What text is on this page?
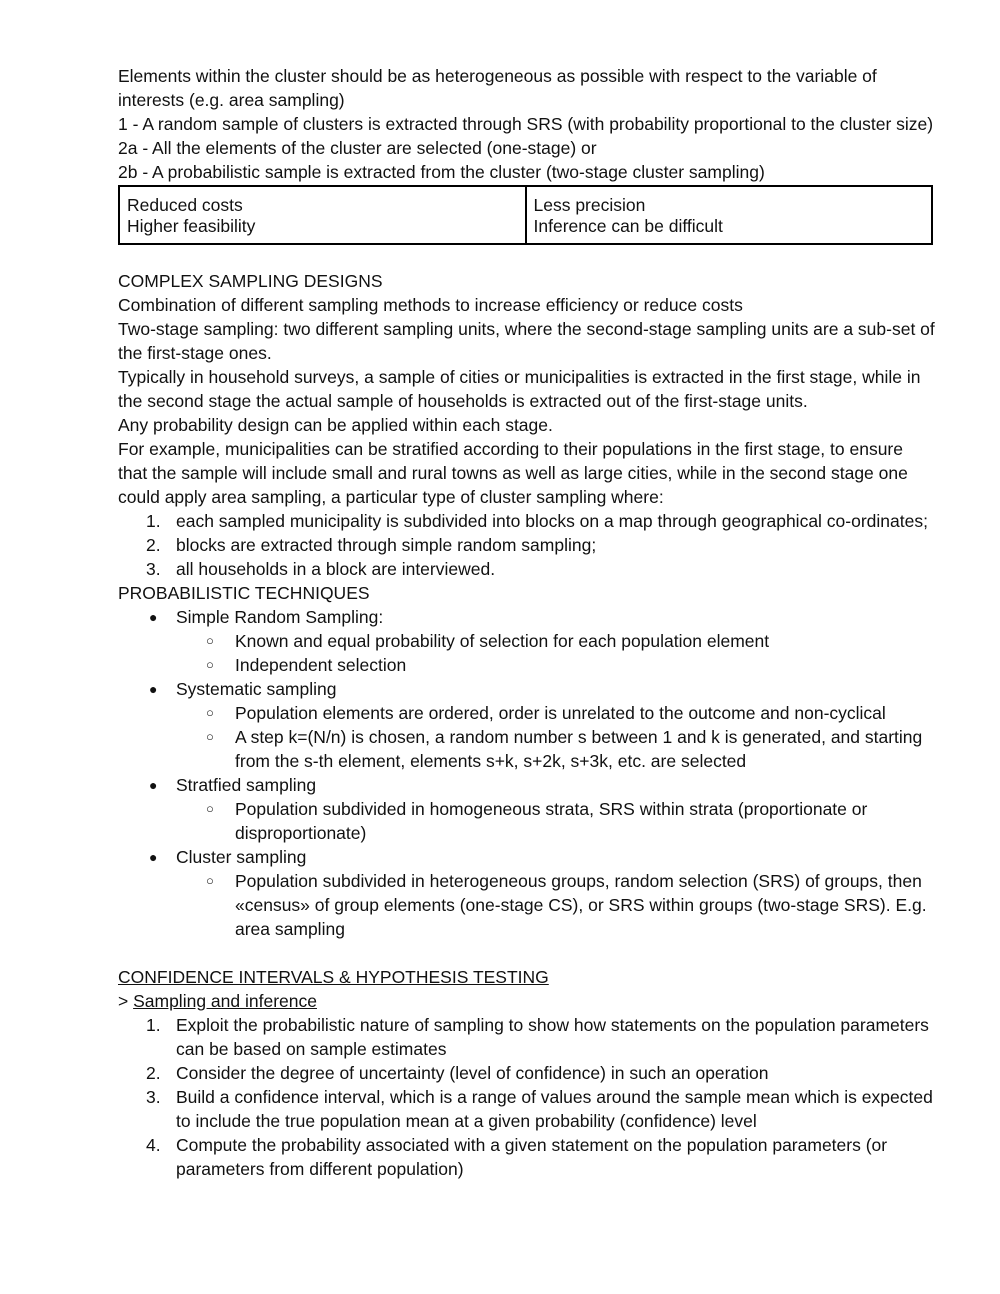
Elements within the cluster should be as heterogeneous as possible with respect to the variable of interests (e.g. area sampling)

1 - A random sample of clusters is extracted through SRS (with probability proportional to the cluster size)

2a - All the elements of the cluster are selected (one-stage) or

2b - A probabilistic sample is extracted from the cluster (two-stage cluster sampling)

Reduced costs
Higher feasibility

Less precision
Inference can be difficult

COMPLEX SAMPLING DESIGNS

Combination of different sampling methods to increase efficiency or reduce costs

Two-stage sampling: two different sampling units, where the second-stage sampling units are a sub-set of the first-stage ones.

Typically in household surveys, a sample of cities or municipalities is extracted in the first stage, while in the second stage the actual sample of households is extracted out of the first-stage units.

Any probability design can be applied within each stage.

For example, municipalities can be stratified according to their populations in the first stage, to ensure that the sample will include small and rural towns as well as large cities, while in the second stage one could apply area sampling, a particular type of cluster sampling where:

1. each sampled municipality is subdivided into blocks on a map through geographical co-ordinates;
2. blocks are extracted through simple random sampling;
3. all households in a block are interviewed.

PROBABILISTIC TECHNIQUES

● Simple Random Sampling:
○ Known and equal probability of selection for each population element
○ Independent selection
● Systematic sampling
○ Population elements are ordered, order is unrelated to the outcome and non-cyclical
○ A step k=(N/n) is chosen, a random number s between 1 and k is generated, and starting from the s-th element, elements s+k, s+2k, s+3k, etc. are selected
● Stratfied sampling
○ Population subdivided in homogeneous strata, SRS within strata (proportionate or disproportionate)
● Cluster sampling
○ Population subdivided in heterogeneous groups, random selection (SRS) of groups, then «census» of group elements (one-stage CS), or SRS within groups (two-stage SRS). E.g. area sampling

CONFIDENCE INTERVALS & HYPOTHESIS TESTING

> Sampling and inference

1. Exploit the probabilistic nature of sampling to show how statements on the population parameters can be based on sample estimates
2. Consider the degree of uncertainty (level of confidence) in such an operation
3. Build a confidence interval, which is a range of values around the sample mean which is expected to include the true population mean at a given probability (confidence) level
4. Compute the probability associated with a given statement on the population parameters (or parameters from different population)
